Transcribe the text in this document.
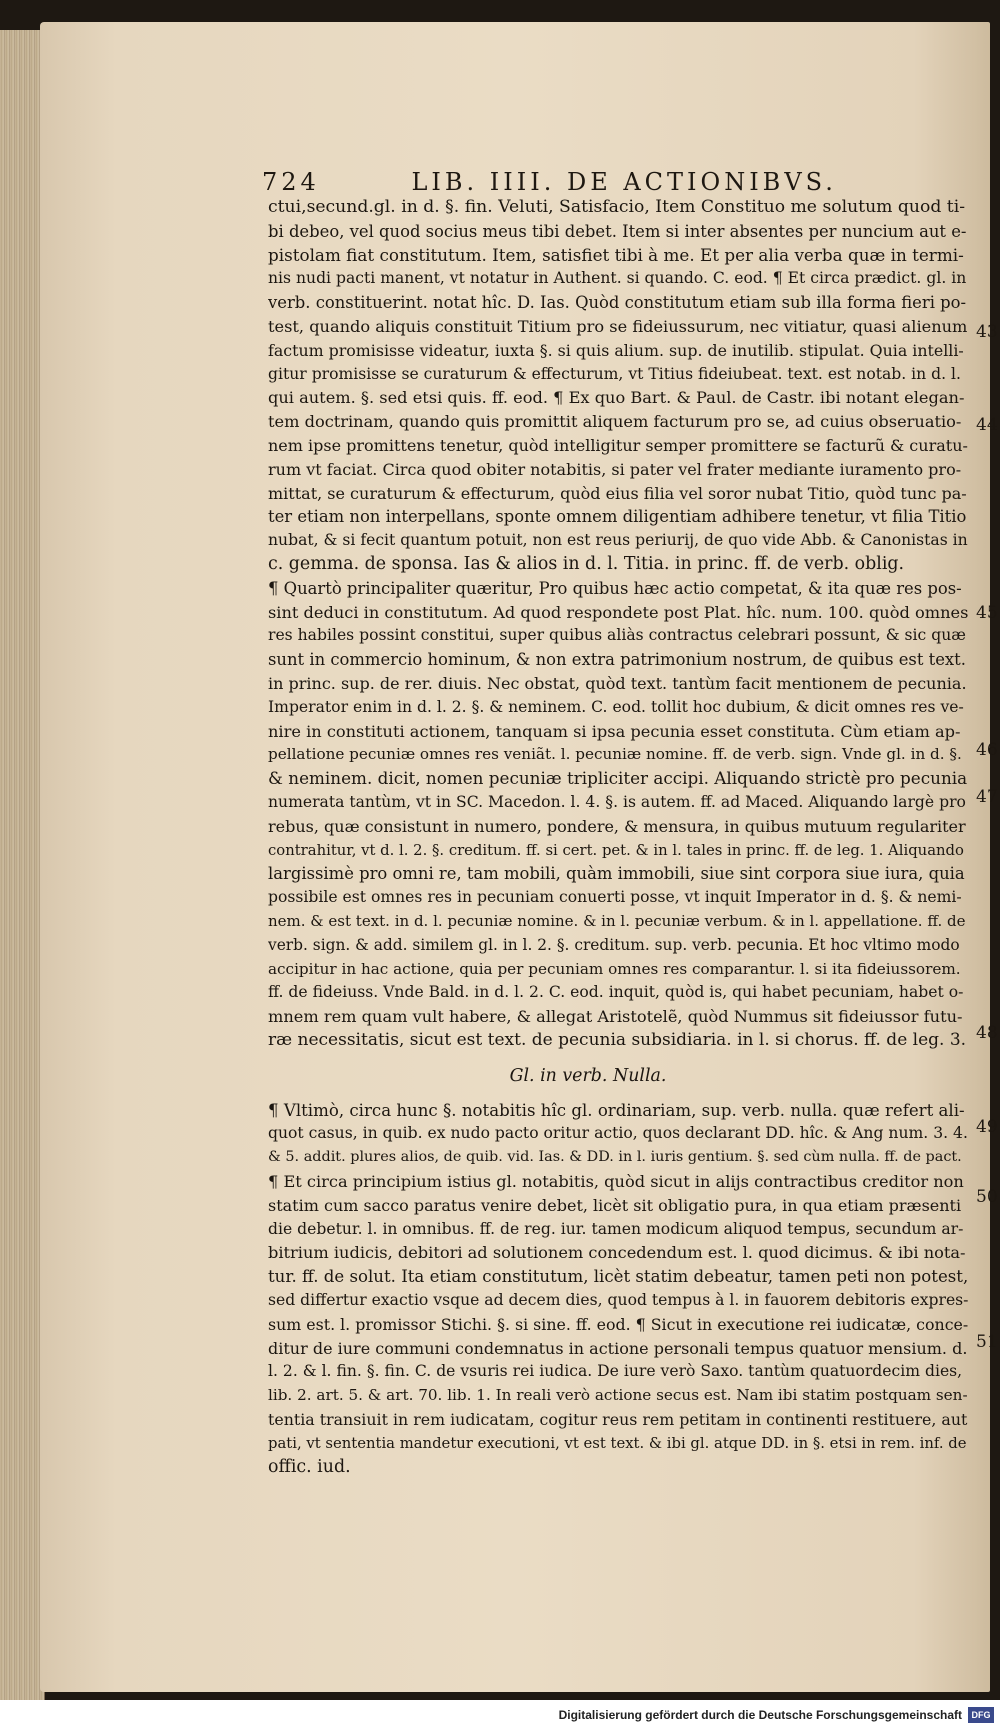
724	LIB. IIII. DE ACTIONIBVS.
ctui,secund.gl. in d. §. fin. Veluti, Satisfacio, Item Constituo me solutum quod ti-
bi debeo, vel quod socius meus tibi debet. Item si inter absentes per nuncium aut e-
pistolam fiat constitutum. Item, satisfiet tibi à me. Et per alia verba quæ in termi-
nis nudi pacti manent, vt notatur in Authent. si quando. C. eod. ¶ Et circa prædict. gl. in
verb. constituerint. notat hîc. D. Ias. Quòd constitutum etiam sub illa forma fieri po-
test, quando aliquis constituit Titium pro se fideiussurum, nec vitiatur, quasi alienum
factum promisisse videatur, iuxta §. si quis alium. sup. de inutilib. stipulat. Quia intelli-
gitur promisisse se curaturum & effecturum, vt Titius fideiubeat. text. est notab. in d. l.
qui autem. §. sed etsi quis. ff. eod. ¶ Ex quo Bart. & Paul. de Castr. ibi notant elegan-
tem doctrinam, quando quis promittit aliquem facturum pro se, ad cuius obseruatio-
nem ipse promittens tenetur, quòd intelligitur semper promittere se facturũ & curatu-
rum vt faciat. Circa quod obiter notabitis, si pater vel frater mediante iuramento pro-
mittat, se curaturum & effecturum, quòd eius filia vel soror nubat Titio, quòd tunc pa-
ter etiam non interpellans, sponte omnem diligentiam adhibere tenetur, vt filia Titio
nubat, & si fecit quantum potuit, non est reus periurij, de quo vide Abb. & Canonistas in
c. gemma. de sponsa. Ias & alios in d. l. Titia. in princ. ff. de verb. oblig.
¶ Quartò principaliter quæritur, Pro quibus hæc actio competat, & ita quæ res pos-
sint deduci in constitutum. Ad quod respondete post Plat. hîc. num. 100. quòd omnes
res habiles possint constitui, super quibus aliàs contractus celebrari possunt, & sic quæ
sunt in commercio hominum, & non extra patrimonium nostrum, de quibus est text.
in princ. sup. de rer. diuis. Nec obstat, quòd text. tantùm facit mentionem de pecunia.
Imperator enim in d. l. 2. §. & neminem. C. eod. tollit hoc dubium, & dicit omnes res ve-
nire in constituti actionem, tanquam si ipsa pecunia esset constituta. Cùm etiam ap-
pellatione pecuniæ omnes res veniãt. l. pecuniæ nomine. ff. de verb. sign. Vnde gl. in d. §.
& neminem. dicit, nomen pecuniæ tripliciter accipi. Aliquando strictè pro pecunia
numerata tantùm, vt in SC. Macedon. l. 4. §. is autem. ff. ad Maced. Aliquando largè pro
rebus, quæ consistunt in numero, pondere, & mensura, in quibus mutuum regulariter
contrahitur, vt d. l. 2. §. creditum. ff. si cert. pet. & in l. tales in princ. ff. de leg. 1. Aliquando
largissimè pro omni re, tam mobili, quàm immobili, siue sint corpora siue iura, quia
possibile est omnes res in pecuniam conuerti posse, vt inquit Imperator in d. §. & nemi-
nem. & est text. in d. l. pecuniæ nomine. & in l. pecuniæ verbum. & in l. appellatione. ff. de
verb. sign. & add. similem gl. in l. 2. §. creditum. sup. verb. pecunia. Et hoc vltimo modo
accipitur in hac actione, quia per pecuniam omnes res comparantur. l. si ita fideiussorem.
ff. de fideiuss. Vnde Bald. in d. l. 2. C. eod. inquit, quòd is, qui habet pecuniam, habet o-
mnem rem quam vult habere, & allegat Aristotelẽ, quòd Nummus sit fideiussor futu-
ræ necessitatis, sicut est text. de pecunia subsidiaria. in l. si chorus. ff. de leg. 3.
Gl. in verb. Nulla.
¶ Vltimò, circa hunc §. notabitis hîc gl. ordinariam, sup. verb. nulla. quæ refert ali-
quot casus, in quib. ex nudo pacto oritur actio, quos declarant DD. hîc. & Ang num. 3. 4.
& 5. addit. plures alios, de quib. vid. Ias. & DD. in l. iuris gentium. §. sed cùm nulla. ff. de pact.
¶ Et circa principium istius gl. notabitis, quòd sicut in alijs contractibus creditor non
statim cum sacco paratus venire debet, licèt sit obligatio pura, in qua etiam præsenti
die debetur. l. in omnibus. ff. de reg. iur. tamen modicum aliquod tempus, secundum ar-
bitrium iudicis, debitori ad solutionem concedendum est. l. quod dicimus. & ibi nota-
tur. ff. de solut. Ita etiam constitutum, licèt statim debeatur, tamen peti non potest,
sed differtur exactio vsque ad decem dies, quod tempus à l. in fauorem debitoris expres-
sum est. l. promissor Stichi. §. si sine. ff. eod. ¶ Sicut in executione rei iudicatæ, conce-
ditur de iure communi condemnatus in actione personali tempus quatuor mensium. d.
l. 2. & l. fin. §. fin. C. de vsuris rei iudica. De iure verò Saxo. tantùm quatuordecim dies,
lib. 2. art. 5. & art. 70. lib. 1. In reali verò actione secus est. Nam ibi statim postquam sen-
tentia transiuit in rem iudicatam, cogitur reus rem petitam in continenti restituere, aut
pati, vt sententia mandetur executioni, vt est text. & ibi gl. atque DD. in §. etsi in rem. inf. de
offic. iud.
43
44
45
46
47
48
49
50
51
Digitalisierung gefördert durch die Deutsche Forschungsgemeinschaft	DFG
